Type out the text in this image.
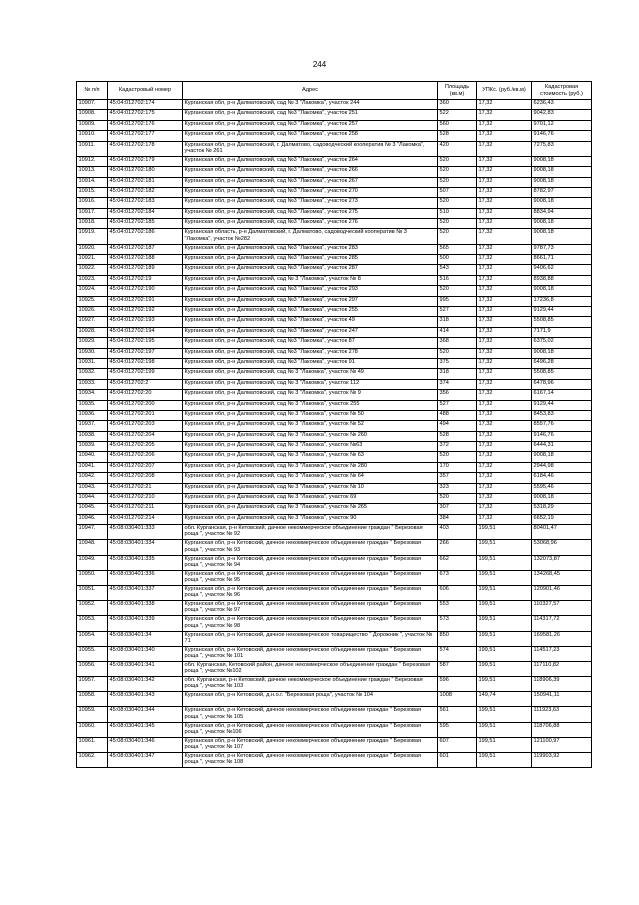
244
№ п/п	Кадастровый номер	Адрес	Площадь (кв.м)	УПКс. (руб./кв.м)	Кадастровая стоимость (руб.)
10907.	45:04:012702:174	Курганская обл, р-н Далматовский, сад № 3 "Лакомка", участок 244	360	17,32	6236,43
10908.	45:04:012702:175	Курганская обл, р-н Далматовский, сад №3 "Лакомка", участок 251	522	17,32	9042,83
10909.	45:04:012702:176	Курганская обл, р-н Далматовский, сад №3 "Лакомка", участок 257	560	17,32	9701,12
10910.	45:04:012702:177	Курганская обл, р-н Далматовский, сад №3 "Лакомка", участок 258	528	17,32	9146,76
10911.	45:04:012702:178	Курганская обл, р-н Далматовский, г. Далматово, садоводческий кооператив № 3 "Лакомка", участок № 261	420	17,32	7275,83
10912.	45:04:012702:179	Курганская обл, р-н Далматовский, сад №3 "Лакомка", участок 264	520	17,32	9008,18
10913.	45:04:012702:180	Курганская обл, р-н Далматовский, сад №3 "Лакомка", участок 266	520	17,32	9008,18
10914.	45:04:012702:181	Курганская обл, р-н Далматовский, сад №3 "Лакомка", участок 267	520	17,32	9008,18
10915.	45:04:012702:182	Курганская обл, р-н Далматовский, сад №3 "Лакомка", участок 270	507	17,32	8782,97
10916.	45:04:012702:183	Курганская обл, р-н Далматовский, сад №3 "Лакомка", участок 273	520	17,32	9008,18
10917.	45:04:012702:184	Курганская обл, р-н Далматовский, сад №3 "Лакомка", участок 275	510	17,32	8834,94
10918.	45:04:012702:185	Курганская обл, р-н Далматовский, сад №3 "Лакомка", участок 276	520	17,32	9008,18
10919.	45:04:012702:186	Курганская область, р-н Далматовский, г. Далматово, садоводческий кооператив № 3 "Лакомка", участок №282	520	17,32	9008,18
10920.	45:04:012702:187	Курганская обл, р-н Далматовский, сад №3 "Лакомка", участок 283	565	17,32	9787,73
10921.	45:04:012702:188	Курганская обл, р-н Далматовский, сад №3 "Лакомка", участок 285	500	17,32	8661,71
10922.	45:04:012702:189	Курганская обл, р-н Далматовский, сад №3 "Лакомка", участок 287	543	17,32	9406,62
10923.	45:04:012702:19	Курганская обл, р-н Далматовский, сад № 3 "Лакомка", участок № 8	516	17,32	8938,88
10924.	45:04:012702:190	Курганская обл, р-н Далматовский, сад №3 "Лакомка", участок 293	520	17,32	9008,18
10925.	45:04:012702:191	Курганская обл, р-н Далматовский, сад №3 "Лакомка", участок 297	995	17,32	17236,8
10926.	45:04:012702:192	Курганская обл, р-н Далматовский, сад №3 "Лакомка", участок 255	527	17,32	9129,44
10927.	45:04:012702:193	Курганская обл, р-н Далматовский, сад №3 "Лакомка", участок 49	318	17,32	5508,85
10928.	45:04:012702:194	Курганская обл, р-н Далматовский, сад №3 "Лакомка", участок 247	414	17,32	7171,9
10929.	45:04:012702:195	Курганская обл, р-н Далматовский, сад №3 "Лакомка", участок 87	368	17,32	6375,02
10930.	45:04:012702:197	Курганская обл, р-н Далматовский, сад №3 "Лакомка", участок 278	520	17,32	9008,18
10931.	45:04:012702:198	Курганская обл, р-н Далматовский, сад №3 "Лакомка", участок 91	375	17,32	6496,28
10932.	45:04:012702:199	Курганская обл, р-н Далматовский, сад № 3 "Лакомка", участок № 49	318	17,32	5508,85
10933.	45:04:012702:2	Курганская обл, р-н Далматовский, сад № 3 "Лакомка", участок 112	374	17,32	6478,96
10934.	45:04:012702:20	Курганская обл, р-н Далматовский, сад № 3 "Лакомка", участок № 9	356	17,32	6167,14
10935.	45:04:012702:200	Курганская обл, р-н Далматовский, сад № 3 "Лакомка", участок 255	527	17,32	9129,44
10936.	45:04:012702:201	Курганская обл, р-н Далматовский, сад № 3 "Лакомка", участок № 50	488	17,32	8453,83
10937.	45:04:012702:203	Курганская обл, р-н Далматовский, сад № 3 "Лакомка", участок № 52	494	17,32	8557,76
10938.	45:04:012702:204	Курганская обл, р-н Далматовский, сад № 3 "Лакомка", участок № 260	528	17,32	9146,76
10939.	45:04:012702:205	Курганская обл, р-н Далматовский, сад № 3 "Лакомка", участок №63	372	17,32	6444,31
10940.	45:04:012702:206	Курганская обл, р-н Далматовский, сад № 3 "Лакомка", участок № 63	520	17,32	9008,18
10941.	45:04:012702:207	Курганская обл, р-н Далматовский, сад № 3 "Лакомка", участок № 280	170	17,32	2944,98
10942.	45:04:012702:208	Курганская обл, р-н Далматовский, сад № 3 "Лакомка", участок № 64	357	17,32	6184,46
10943.	45:04:012702:21	Курганская обл, р-н Далматовский, сад № 3 "Лакомка", участок № 10	323	17,32	5595,46
10944.	45:04:012702:210	Курганская обл, р-н Далматовский, сад № 3 "Лакомка", участок 69	520	17,32	9008,18
10945.	45:04:012702:211	Курганская обл, р-н Далматовский, сад № 3 "Лакомка", участок № 265	307	17,32	5318,29
10946.	45:04:012702:214	Курганская обл, р-н Далматовский, сад № 3 "Лакомка", участок 90	384	17,32	6652,19
10947.	45:08:030401:333	обл. Курганская, р-н Кетовский, дачное некоммерческое объединение граждан " Березовая роща ", участок № 92	403	199,51	80401,47
10948.	45:08:030401:334	Курганская обл, р-н Кетовский, дачное некоммерческое объединение граждан " Березовая роща ", участок № 93	266	199,51	53068,96
10949.	45:08:030401:335	Курганская обл, р-н Кетовский, дачное некоммерческое объединение граждан " Березовая роща ", участок № 94	662	199,51	132073,87
10950.	45:08:030401:336	Курганская обл, р-н Кетовский, дачное некоммерческое объединение граждан " Березовая роща ", участок № 95	673	199,51	134268,45
10951.	45:08:030401:337	Курганская обл, р-н Кетовский, дачное некоммерческое объединение граждан " Березовая роща ", участок № 96	606	199,51	120901,46
10952.	45:08:030401:338	Курганская обл, р-н Кетовский, дачное некоммерческое объединение граждан " Березовая роща ", участок № 97	553	199,51	110327,57
10953.	45:08:030401:339	Курганская обл, р-н Кетовский, дачное некоммерческое объединение граждан " Березовая роща ", участок № 98	573	199,51	114317,72
10954.	45:08:030401:34	Курганская обл, р-н Кетовский, дачное некоммерческое товарищество " Дорожник ", участок № 71	850	199,51	169581,26
10955.	45:08:030401:340	Курганская обл, р-н Кетовский, дачное некоммерческое объединение граждан " Березовая роща ", участок № 101	574	199,51	114517,23
10956.	45:08:030401:341	обл. Курганская, Кетовский район, дачное некоммерческое объединение граждан " Березовая роща ", участок №102	587	199,51	117110,82
10957.	45:08:030401:342	обл. Курганская, р-н Кетовский, дачное некоммерческое объединение граждан " Березовая роща ", участок № 103	596	199,51	118906,39
10958.	45:08:030401:343	Курганская обл, р-н Кетовский, д.н.о.г. "Березовая роща", участок № 104	1008	149,74	150941,11
10959.	45:08:030401:344	Курганская обл, р-н Кетовский, дачное некоммерческое объединение граждан " Березовая роща ", участок № 105	561	199,51	111923,63
10960.	45:08:030401:345	Курганская обл, р-н Кетовский, дачное некоммерческое объединение граждан " Березовая роща ", участок №106	595	199,51	118706,88
10961.	45:08:030401:346	Курганская обл, р-н Кетовский, дачное некоммерческое объединение граждан " Березовая роща ", участок № 107	607	199,51	121100,97
10962.	45:08:030401:347	Курганская обл, р-н Кетовский, дачное некоммерческое объединение граждан " Березовая роща ", участок № 108	601	199,51	119903,92
